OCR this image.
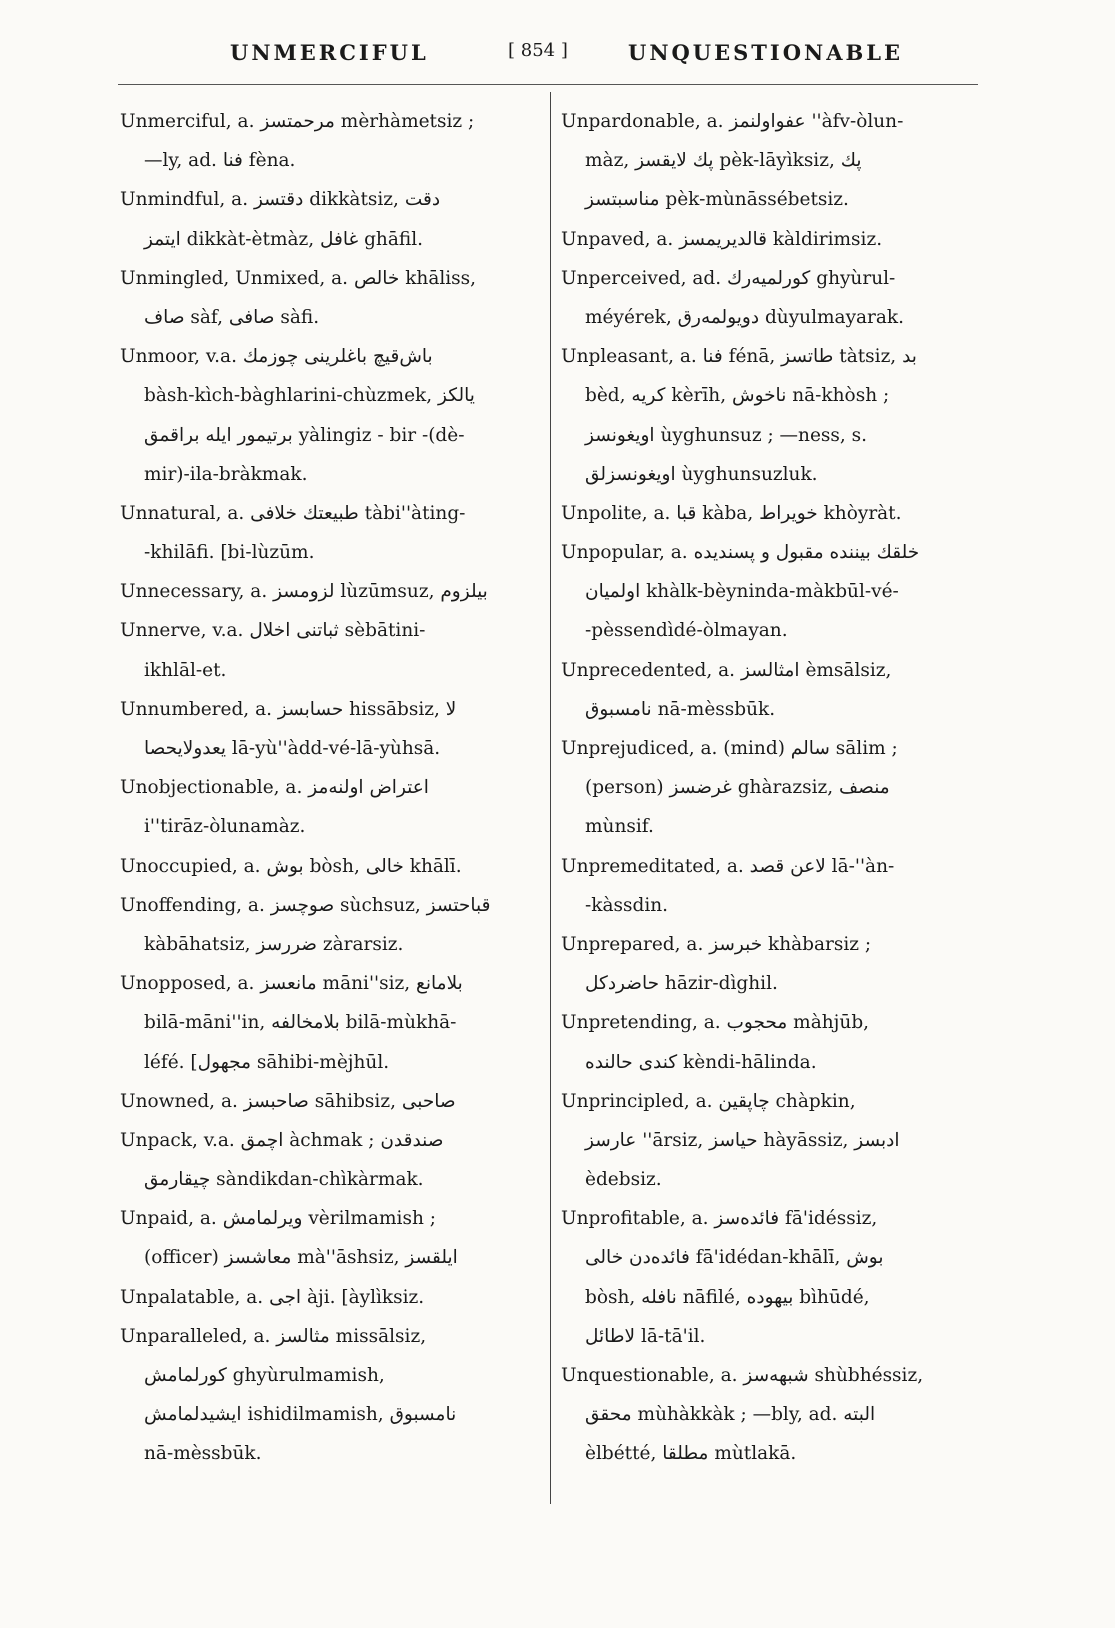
UNMERCIFUL	[ 854 ]	UNQUESTIONABLE
Unmerciful, a. مرحمتسز mèrhàmetsiz ;
—ly, ad. فنا fèna.
Unmindful, a. دقتسز dikkàtsiz, دقت
ایتمز dikkàt-ètmàz, غافل ghāfil.
Unmingled, Unmixed, a. خالص khāliss,
صاف sàf, صافی sàfi.
Unmoor, v.a. باش‌قیچ باغلرینی چوزمك
bàsh-kìch-bàghlarini-chùzmek, یالکز
برتیمور ایله براقمق yàlingiz - bir -(dè-
mir)-ila-bràkmak.
Unnatural, a. طبیعتك خلافی tàbi''àting-
-khilāfi. [bi-lùzūm.
Unnecessary, a. لزومسز lùzūmsuz, بیلزوم
Unnerve, v.a. ثباتنی اخلال sèbātini-
ikhlāl-et.
Unnumbered, a. حسابسز hissābsiz, لا
یعدولایحصا lā-yù''àdd-vé-lā-yùhsā.
Unobjectionable, a. اعتراض اولنه‌مز
i''tirāz-òlunamàz.
Unoccupied, a. بوش bòsh, خالی khālī.
Unoffending, a. صوچسز sùchsuz, قباحتسز
kàbāhatsiz, ضررسز zàrarsiz.
Unopposed, a. مانعسز māni''siz, بلامانع
bilā-māni''in, بلامخالفه bilā-mùkhā-
léfé. [مجهول sāhibi-mèjhūl.
Unowned, a. صاحبسز sāhibsiz, صاحبی
Unpack, v.a. اچمق àchmak ; صندقدن
چیقارمق sàndikdan-chìkàrmak.
Unpaid, a. ویرلمامش vèrilmamish ;
(officer) معاشسز mà''āshsiz, ایلقسز
Unpalatable, a. اجی àji. [àylìksiz.
Unparalleled, a. مثالسز missālsiz,
کورلمامش ghyùrulmamish,
ایشیدلمامش ishidilmamish, نامسبوق
nā-mèssbūk.
Unpardonable, a. عفواولنمز ''àfv-òlun-
màz, پك لایقسز pèk-lāyìksiz, پك
مناسبتسز pèk-mùnāssébetsiz.
Unpaved, a. قالدیریمسز kàldirimsiz.
Unperceived, ad. کورلمیه‌رك ghyùrul-
méyérek, دویولمه‌رق dùyulmayarak.
Unpleasant, a. فنا fénā, طاتسز tàtsiz, بد
bèd, کریه kèrīh, ناخوش nā-khòsh ;
اویغونسز ùyghunsuz ; —ness, s.
اویغونسزلق ùyghunsuzluk.
Unpolite, a. قبا kàba, خویراط khòyràt.
Unpopular, a. خلقك بیننده مقبول و پسندیده
اولمیان khàlk-bèyninda-màkbūl-vé-
-pèssendìdé-òlmayan.
Unprecedented, a. امثالسز èmsālsiz,
نامسبوق nā-mèssbūk.
Unprejudiced, a. (mind) سالم sālim ;
(person) غرضسز ghàrazsiz, منصف
mùnsif.
Unpremeditated, a. لاعن قصد lā-''àn-
-kàssdin.
Unprepared, a. خبرسز khàbarsiz ;
حاضردکل hāzir-dìghil.
Unpretending, a. محجوب màhjūb,
کندی حالنده kèndi-hālinda.
Unprincipled, a. چاپقین chàpkin,
عارسز ''ārsiz, حیاسز hàyāssiz, ادبسز
èdebsiz.
Unprofitable, a. فائده‌سز fā'idéssiz,
فائده‌دن خالی fā'idédan-khālī, بوش
bòsh, نافله nāfilé, بیهوده bìhūdé,
لاطائل lā-tā'il.
Unquestionable, a. شبهه‌سز shùbhéssiz,
محقق mùhàkkàk ; —bly, ad. البته
èlbétté, مطلقا mùtlakā.
